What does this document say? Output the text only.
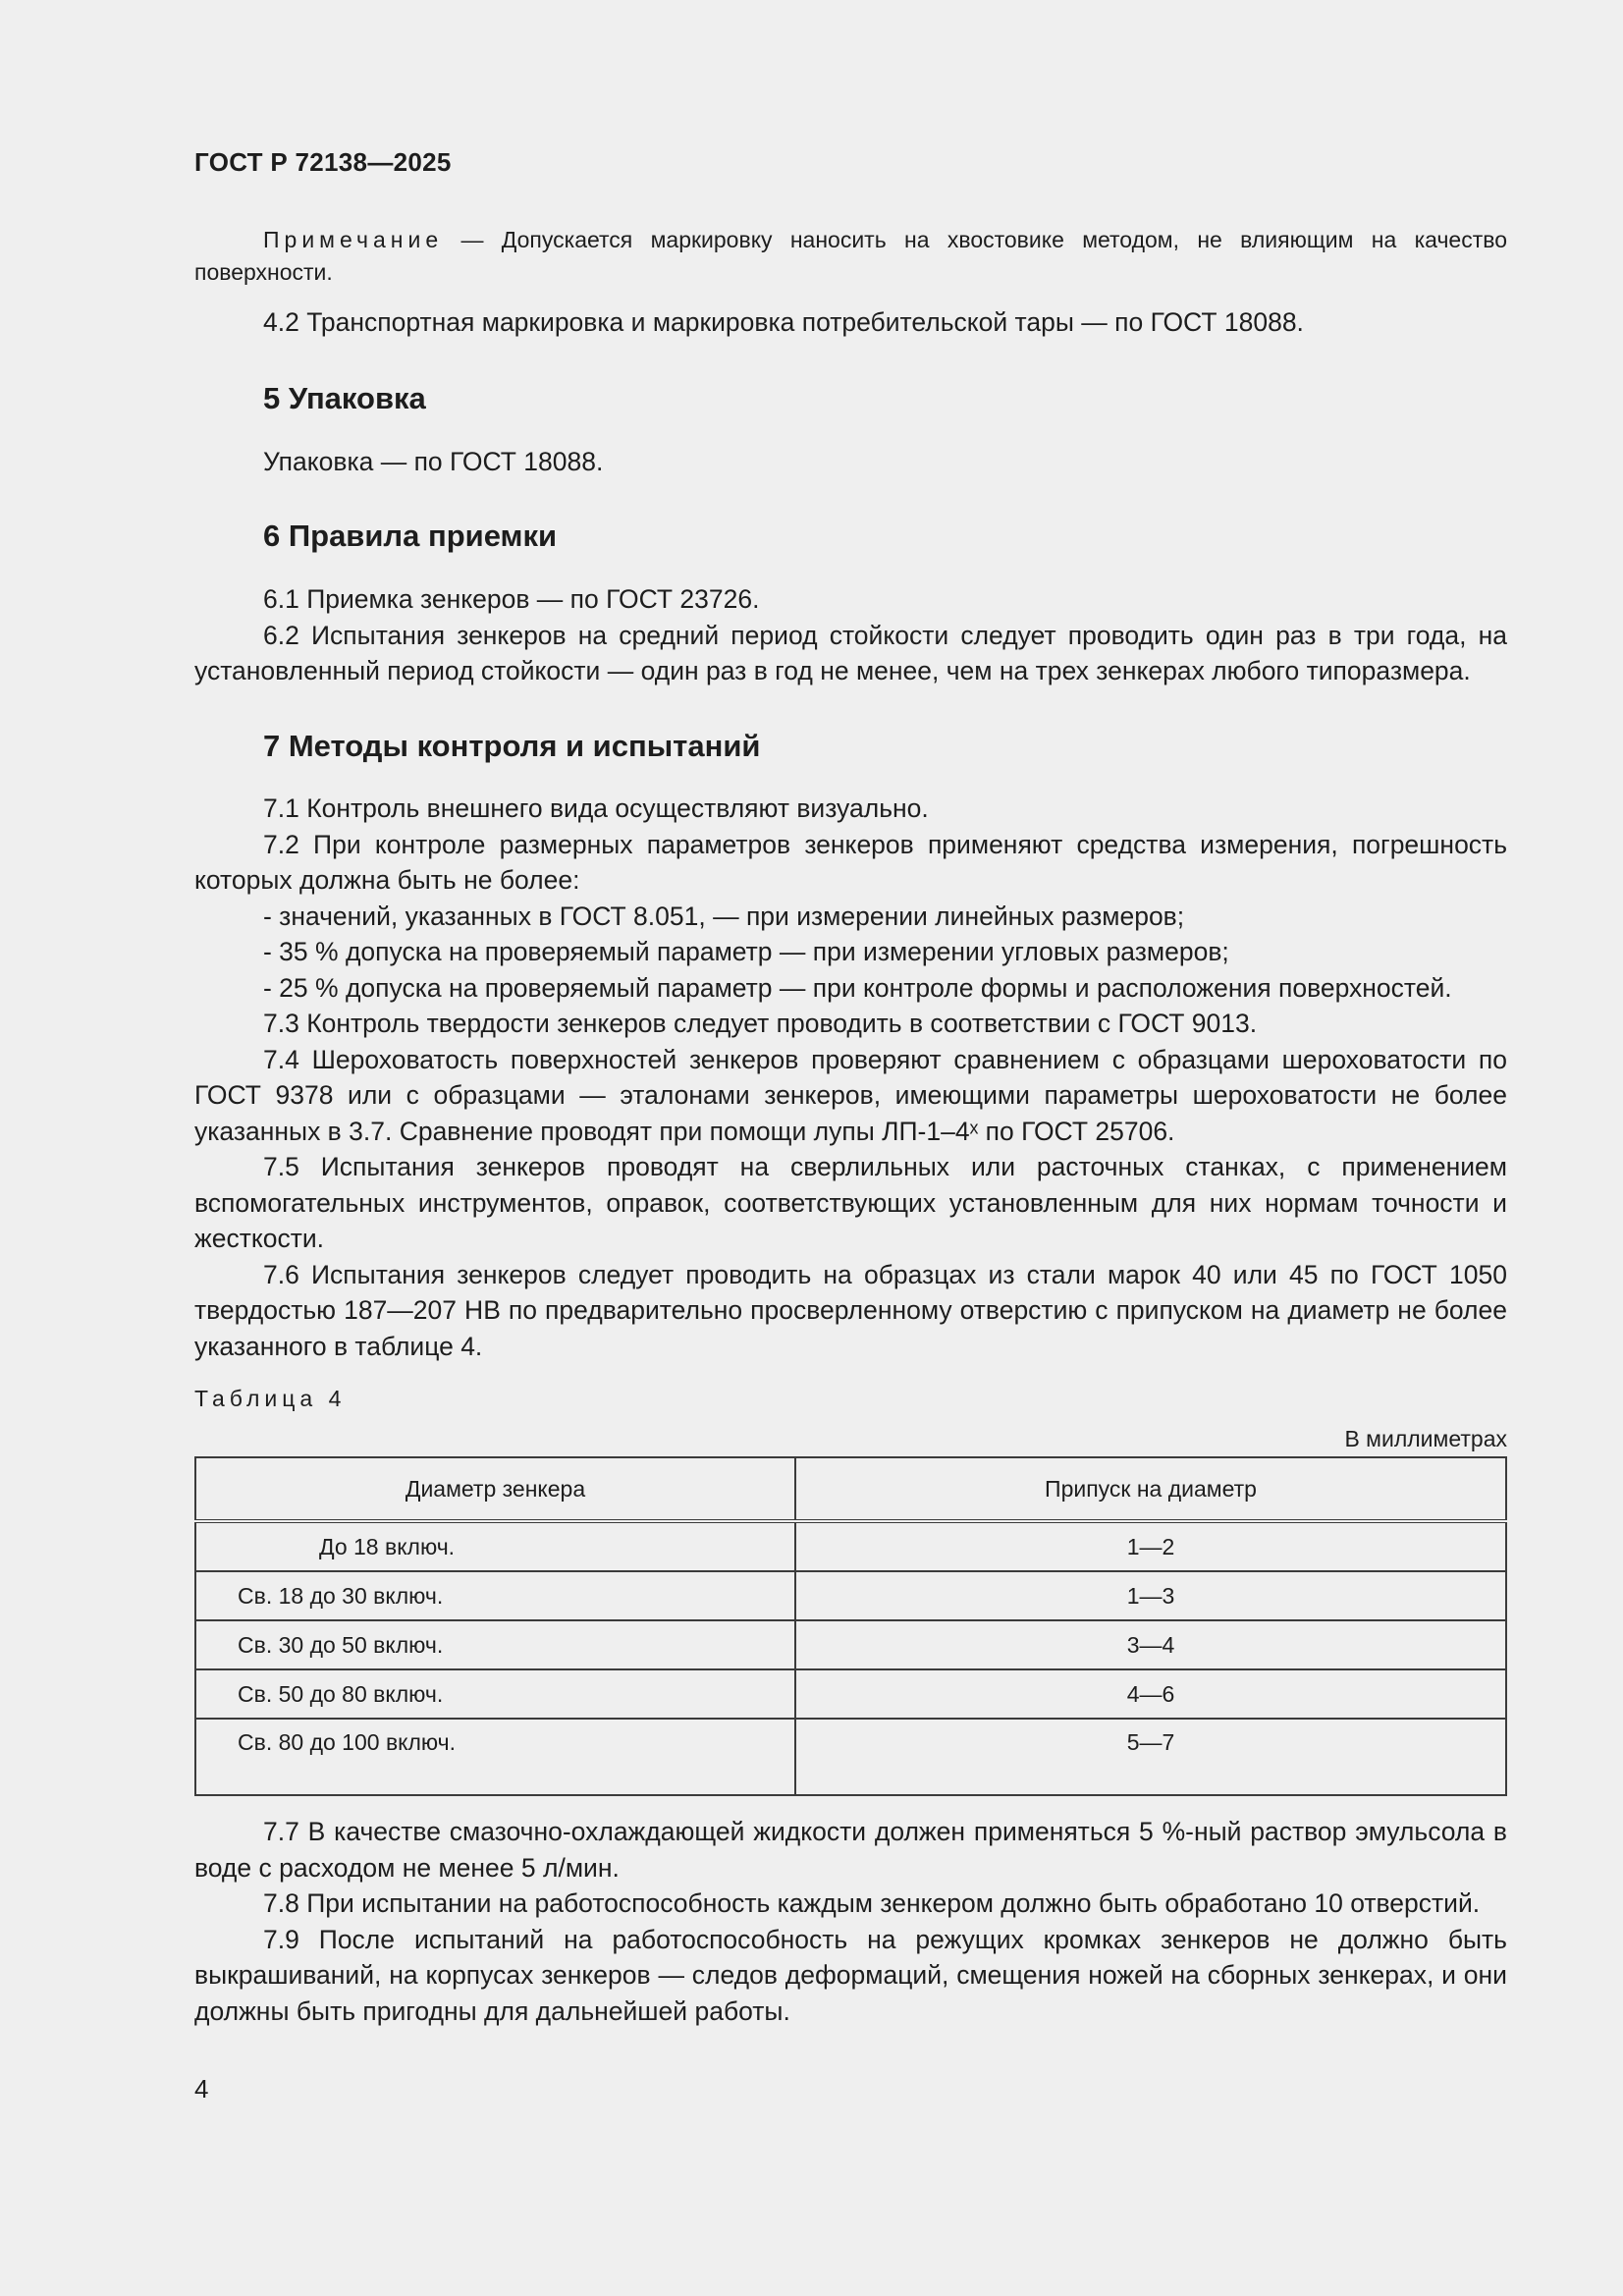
ГОСТ Р 72138—2025

Примечание — Допускается маркировку наносить на хвостовике методом, не влияющим на качество поверхности.

4.2 Транспортная маркировка и маркировка потребительской тары — по ГОСТ 18088.

5 Упаковка

Упаковка — по ГОСТ 18088.

6 Правила приемки

6.1 Приемка зенкеров — по ГОСТ 23726.

6.2 Испытания зенкеров на средний период стойкости следует проводить один раз в три года, на установленный период стойкости — один раз в год не менее, чем на трех зенкерах любого типоразмера.

7 Методы контроля и испытаний

7.1 Контроль внешнего вида осуществляют визуально.

7.2 При контроле размерных параметров зенкеров применяют средства измерения, погрешность которых должна быть не более:

- значений, указанных в ГОСТ 8.051, — при измерении линейных размеров;

- 35 % допуска на проверяемый параметр — при измерении угловых размеров;

- 25 % допуска на проверяемый параметр — при контроле формы и расположения поверхностей.

7.3 Контроль твердости зенкеров следует проводить в соответствии с ГОСТ 9013.

7.4 Шероховатость поверхностей зенкеров проверяют сравнением с образцами шероховатости по ГОСТ 9378 или с образцами — эталонами зенкеров, имеющими параметры шероховатости не более указанных в 3.7. Сравнение проводят при помощи лупы ЛП-1–4ˣ по ГОСТ 25706.

7.5 Испытания зенкеров проводят на сверлильных или расточных станках, с применением вспомогательных инструментов, оправок, соответствующих установленным для них нормам точности и жесткости.

7.6 Испытания зенкеров следует проводить на образцах из стали марок 40 или 45 по ГОСТ 1050 твердостью 187—207 НВ по предварительно просверленному отверстию с припуском на диаметр не более указанного в таблице 4.

Таблица 4

В миллиметрах

Диаметр зенкера	Припуск на диаметр
До 18 включ.	1—2
Св. 18 до 30 включ.	1—3
Св. 30 до 50 включ.	3—4
Св. 50 до 80 включ.	4—6
Св. 80 до 100 включ.	5—7

7.7 В качестве смазочно-охлаждающей жидкости должен применяться 5 %-ный раствор эмульсола в воде с расходом не менее 5 л/мин.

7.8 При испытании на работоспособность каждым зенкером должно быть обработано 10 отверстий.

7.9 После испытаний на работоспособность на режущих кромках зенкеров не должно быть выкрашиваний, на корпусах зенкеров — следов деформаций, смещения ножей на сборных зенкерах, и они должны быть пригодны для дальнейшей работы.

4
